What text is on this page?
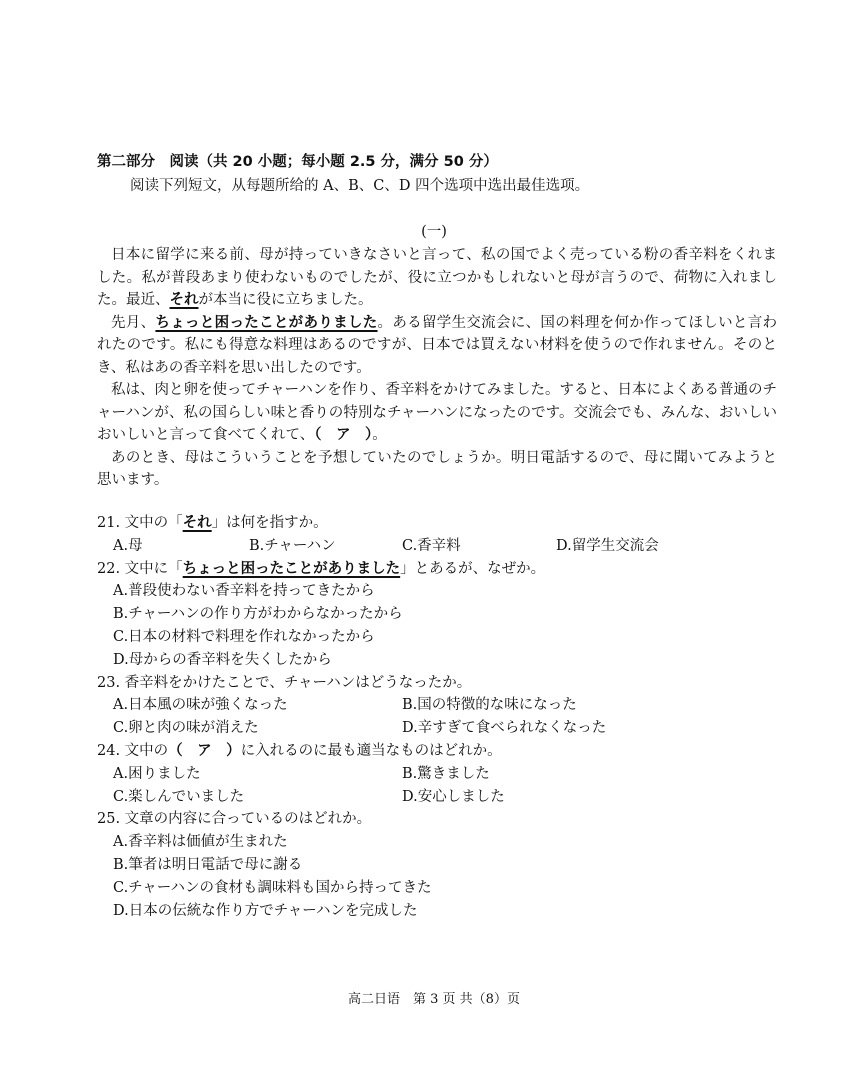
第二部分　阅读（共 20 小题；每小题 2.5 分，满分 50 分）
阅读下列短文，从每题所给的 A、B、C、D 四个选项中选出最佳选项。
(一)

日本に留学に来る前、母が持っていきなさいと言って、私の国でよく売っている粉の香辛料をくれました。私が普段あまり使わないものでしたが、役に立つかもしれないと母が言うので、荷物に入れました。最近、それが本当に役に立ちました。

先月、ちょっと困ったことがありました。ある留学生交流会に、国の料理を何か作ってほしいと言われたのです。私にも得意な料理はあるのですが、日本では買えない材料を使うので作れません。そのとき、私はあの香辛料を思い出したのです。

私は、肉と卵を使ってチャーハンを作り、香辛料をかけてみました。すると、日本によくある普通のチャーハンが、私の国らしい味と香りの特別なチャーハンになったのです。交流会でも、みんな、おいしいおいしいと言って食べてくれて、（　ア　）。

あのとき、母はこういうことを予想していたのでしょうか。明日電話するので、母に聞いてみようと思います。

21. 文中の「それ」は何を指すか。
A.母	B.チャーハン	C.香辛料	D.留学生交流会
22. 文中に「ちょっと困ったことがありました」とあるが、なぜか。
A.普段使わない香辛料を持ってきたから
B.チャーハンの作り方がわからなかったから
C.日本の材料で料理を作れなかったから
D.母からの香辛料を失くしたから
23. 香辛料をかけたことで、チャーハンはどうなったか。
A.日本風の味が強くなった	B.国の特徴的な味になった
C.卵と肉の味が消えた	D.辛すぎて食べられなくなった
24. 文中の（　ア　）に入れるのに最も適当なものはどれか。
A.困りました	B.驚きました
C.楽しんでいました	D.安心しました
25. 文章の内容に合っているのはどれか。
A.香辛料は価値が生まれた
B.筆者は明日電話で母に謝る
C.チャーハンの食材も調味料も国から持ってきた
D.日本の伝統な作り方でチャーハンを完成した
高二日语　第 3 页 共（8）页
